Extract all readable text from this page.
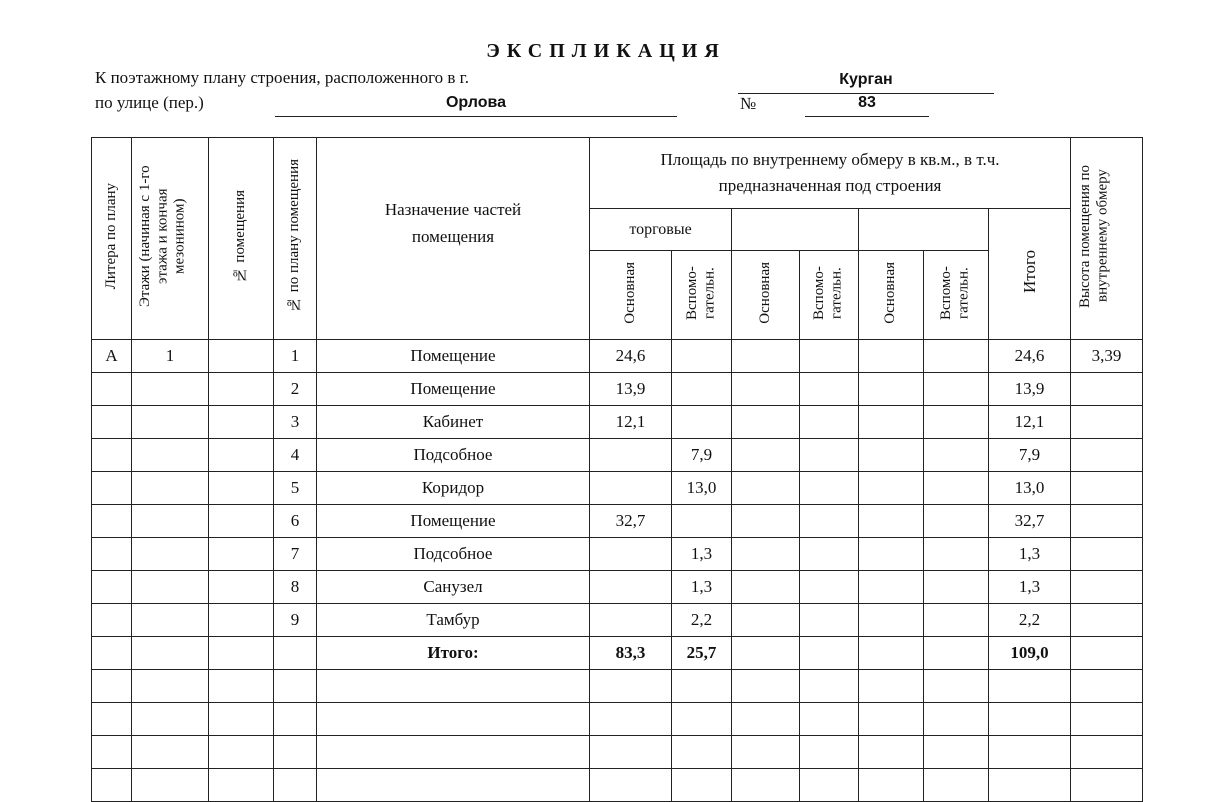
ЭКСПЛИКАЦИЯ
К поэтажному плану строения, расположенного в г.	Курган
по улице (пер.)	Орлова	№	83
Литера по плану	Этажи (начиная с 1-го этажа и кончая мезонином)	№ помещения	№ по плану помещения	Назначение частей помещения	Площадь по внутреннему обмеру в кв.м., в т.ч. предназначенная под строения							Высота помещения по внутреннему обмеру
					торговые						Итого	
					Основная	Вспомо-гательн.	Основная	Вспомо-гательн.	Основная	Вспомо-гательн.		
А	1		1	Помещение	24,6						24,6	3,39
			2	Помещение	13,9						13,9	
			3	Кабинет	12,1						12,1	
			4	Подсобное		7,9					7,9	
			5	Коридор		13,0					13,0	
			6	Помещение	32,7						32,7	
			7	Подсобное		1,3					1,3	
			8	Санузел		1,3					1,3	
			9	Тамбур		2,2					2,2	
				Итого:	83,3	25,7					109,0	
